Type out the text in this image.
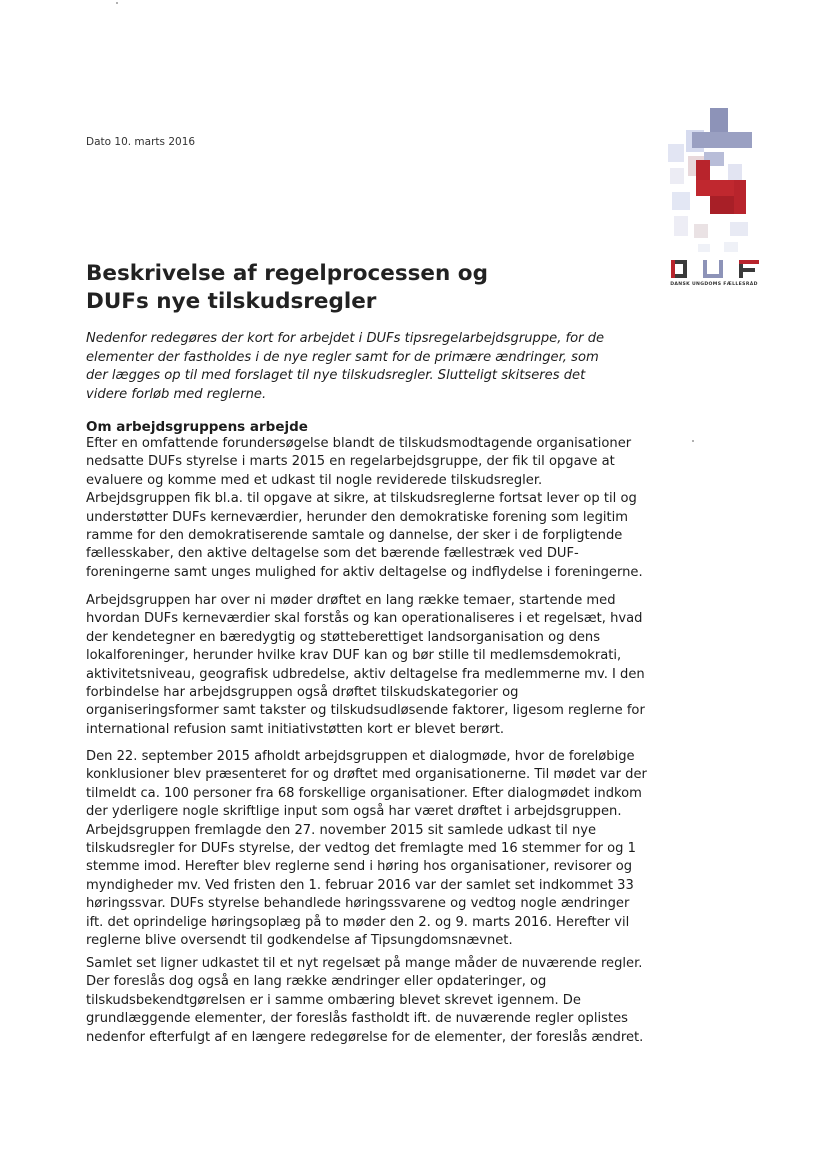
Dato 10. marts 2016
DANSK UNGDOMS FÆLLESRÅD
Beskrivelse af regelprocessen og
DUFs nye tilskudsregler
Nedenfor redegøres der kort for arbejdet i DUFs tipsregelarbejdsgruppe, for de
elementer der fastholdes i de nye regler samt for de primære ændringer, som
der lægges op til med forslaget til nye tilskudsregler. Slutteligt skitseres det
videre forløb med reglerne.
Om arbejdsgruppens arbejde
Efter en omfattende forundersøgelse blandt de tilskudsmodtagende organisationer
nedsatte DUFs styrelse i marts 2015 en regelarbejdsgruppe, der fik til opgave at
evaluere og komme med et udkast til nogle reviderede tilskudsregler.
Arbejdsgruppen fik bl.a. til opgave at sikre, at tilskudsreglerne fortsat lever op til og
understøtter DUFs kerneværdier, herunder den demokratiske forening som legitim
ramme for den demokratiserende samtale og dannelse, der sker i de forpligtende
fællesskaber, den aktive deltagelse som det bærende fællestræk ved DUF-
foreningerne samt unges mulighed for aktiv deltagelse og indflydelse i foreningerne.
Arbejdsgruppen har over ni møder drøftet en lang række temaer, startende med
hvordan DUFs kerneværdier skal forstås og kan operationaliseres i et regelsæt, hvad
der kendetegner en bæredygtig og støtteberettiget landsorganisation og dens
lokalforeninger, herunder hvilke krav DUF kan og bør stille til medlemsdemokrati,
aktivitetsniveau, geografisk udbredelse, aktiv deltagelse fra medlemmerne mv. I den
forbindelse har arbejdsgruppen også drøftet tilskudskategorier og
organiseringsformer samt takster og tilskudsudløsende faktorer, ligesom reglerne for
international refusion samt initiativstøtten kort er blevet berørt.
Den 22. september 2015 afholdt arbejdsgruppen et dialogmøde, hvor de foreløbige
konklusioner blev præsenteret for og drøftet med organisationerne. Til mødet var der
tilmeldt ca. 100 personer fra 68 forskellige organisationer. Efter dialogmødet indkom
der yderligere nogle skriftlige input som også har været drøftet i arbejdsgruppen.
Arbejdsgruppen fremlagde den 27. november 2015 sit samlede udkast til nye
tilskudsregler for DUFs styrelse, der vedtog det fremlagte med 16 stemmer for og 1
stemme imod. Herefter blev reglerne send i høring hos organisationer, revisorer og
myndigheder mv. Ved fristen den 1. februar 2016 var der samlet set indkommet 33
høringssvar. DUFs styrelse behandlede høringssvarene og vedtog nogle ændringer
ift. det oprindelige høringsoplæg på to møder den 2. og 9. marts 2016. Herefter vil
reglerne blive oversendt til godkendelse af Tipsungdomsnævnet.
Samlet set ligner udkastet til et nyt regelsæt på mange måder de nuværende regler.
Der foreslås dog også en lang række ændringer eller opdateringer, og
tilskudsbekendtgørelsen er i samme ombæring blevet skrevet igennem. De
grundlæggende elementer, der foreslås fastholdt ift. de nuværende regler oplistes
nedenfor efterfulgt af en længere redegørelse for de elementer, der foreslås ændret.
